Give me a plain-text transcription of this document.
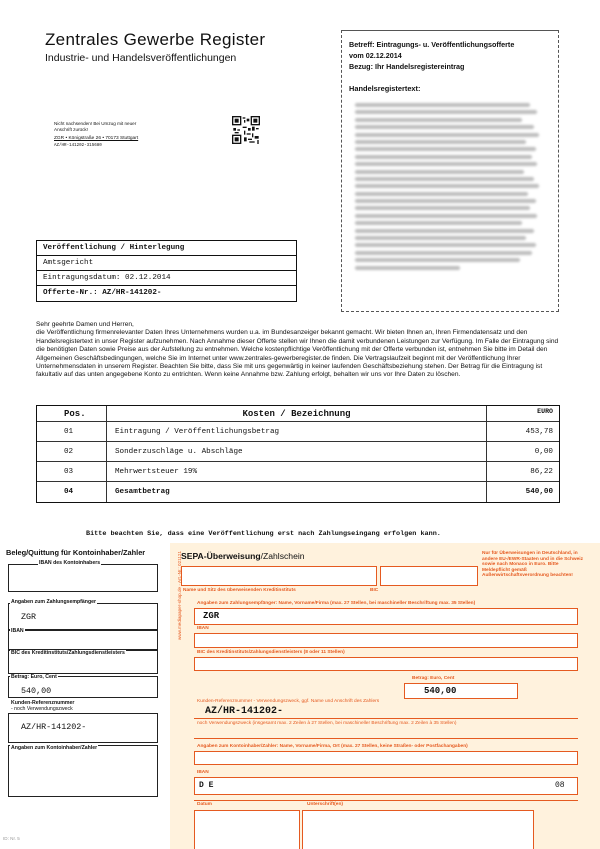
Zentrales Gewerbe Register
Industrie- und Handelsveröffentlichungen
Nicht nachsenden! Bei Umzug mit neuer Anschrift zurück!
ZGR • Königstraße 26 • 70173 Stuttgart
AZ/HR-141202-315680
Betreff: Eintragungs- u. Veröffentlichungsofferte
vom 02.12.2014
Bezug: Ihr Handelsregistereintrag
Handelsregistertext:
Veröffentlichung / Hinterlegung
Amtsgericht
Eintragungsdatum: 02.12.2014
Offerte-Nr.: AZ/HR-141202-
Sehr geehrte Damen und Herren,
die Veröffentlichung firmenrelevanter Daten Ihres Unternehmens wurden u.a. im Bundesanzeiger bekannt gemacht. Wir bieten Ihnen an, Ihren Firmendatensatz und den Handelsregistertext in unser Register aufzunehmen. Nach Annahme dieser Offerte stellen wir Ihnen die damit verbundenen Leistungen zur Verfügung. Im Falle der Eintragung sind die benötigten Daten sowie Preise aus der Aufstellung zu entnehmen. Welche kostenpflichtige Veröffentlichung mit der Offerte verbunden ist, entnehmen Sie bitte im Detail den Allgemeinen Geschäftsbedingungen, welche Sie im Internet unter www.zentrales-gewerberegister.de finden. Die Vertragslaufzeit beginnt mit der Veröffentlichung Ihrer Unternehmensdaten in unserem Register. Beachten Sie bitte, dass Sie mit uns gegenwärtig in keiner laufenden Geschäftsbeziehung stehen. Der Betrag für die Eintragung ist fakultativ auf das unten angegebene Konto zu entrichten. Wenn keine Annahme bzw. Zahlung erfolgt, behalten wir uns vor Ihre Daten zu löschen.
Pos.	Kosten / Bezeichnung	EURO
01	Eintragung / Veröffentlichungsbetrag	453,78
02	Sonderzuschläge u. Abschläge	0,00
03	Mehrwertsteuer 19%	86,22
04	Gesamtbetrag	540,00
Bitte beachten Sie, dass eine Veröffentlichung erst nach Zahlungseingang erfolgen kann.
Beleg/Quittung für Kontoinhaber/Zahler
IBAN des Kontoinhabers
Angaben zum Zahlungsempfänger
ZGR
IBAN
BIC des Kreditinstituts/Zahlungsdienstleisters
Betrag: Euro, Cent
540,00
Kunden-Referenznummer
- noch Verwendungszweck
AZ/HR-141202-
Angaben zum Kontoinhaber/Zahler
SEPA-Überweisung/Zahlschein	Nur für Überweisungen in Deutschland, in andere EU-/EWR-Staaten und in die Schweiz sowie nach Monaco in Euro. Bitte Meldepflicht gemäß Außenwirtschaftsverordnung beachten!
Name und Sitz des überweisenden Kreditinstituts	BIC
Angaben zum Zahlungsempfänger: Name, Vorname/Firma (max. 27 Stellen, bei maschineller Beschriftung max. 35 Stellen)
ZGR
IBAN
BIC des Kreditinstituts/Zahlungsdienstleisters (8 oder 11 Stellen)
Betrag: Euro, Cent
540,00
Kunden-Referenznummer - Verwendungszweck, ggf. Name und Anschrift des Zahlers
AZ/HR-141202-
noch Verwendungszweck (insgesamt max. 2 Zeilen à 27 Stellen, bei maschineller Beschriftung max. 2 Zeilen à 35 Stellen)
Angaben zum Kontoinhaber/Zahler: Name, Vorname/Firma, Ort (max. 27 Stellen, keine Straßen- oder Postfachangaben)
IBAN
D E	08
Datum	Unterschrift(en)
www.mediapaper-shop.de · Art.-Nr.: 021121
ID: Nr. 5
